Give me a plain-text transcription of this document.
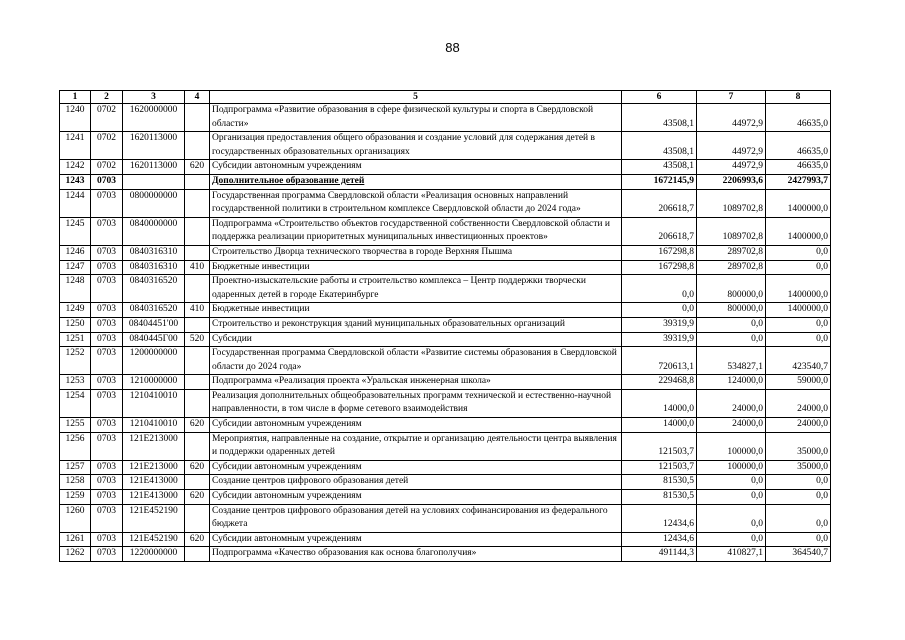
88
1	2	3	4	5	6	7	8
1240	0702	1620000000		Подпрограмма «Развитие образования в сфере физической культуры и спорта в Свердловской области»	43508,1	44972,9	46635,0
1241	0702	1620113000		Организация предоставления общего образования и создание условий для содержания детей в государственных образовательных организациях	43508,1	44972,9	46635,0
1242	0702	1620113000	620	Субсидии автономным учреждениям	43508,1	44972,9	46635,0
1243	0703			Дополнительное образование детей	1672145,9	2206993,6	2427993,7
1244	0703	0800000000		Государственная программа Свердловской области «Реализация основных направлений государственной политики в строительном комплексе Свердловской области до 2024 года»	206618,7	1089702,8	1400000,0
1245	0703	0840000000		Подпрограмма «Строительство объектов государственной собственности Свердловской области и поддержка реализации приоритетных муниципальных инвестиционных проектов»	206618,7	1089702,8	1400000,0
1246	0703	0840316310		Строительство Дворца технического творчества в городе Верхняя Пышма	167298,8	289702,8	0,0
1247	0703	0840316310	410	Бюджетные инвестиции	167298,8	289702,8	0,0
1248	0703	0840316520		Проектно-изыскательские работы и строительство комплекса – Центр поддержки творчески одаренных детей в городе Екатеринбурге	0,0	800000,0	1400000,0
1249	0703	0840316520	410	Бюджетные инвестиции	0,0	800000,0	1400000,0
1250	0703	08404451'00		Строительство и реконструкция зданий муниципальных образовательных организаций	39319,9	0,0	0,0
1251	0703	0840445Г00	520	Субсидии	39319,9	0,0	0,0
1252	0703	1200000000		Государственная программа Свердловской области «Развитие системы образования в Свердловской области до 2024 года»	720613,1	534827,1	423540,7
1253	0703	1210000000		Подпрограмма «Реализация проекта «Уральская инженерная школа»	229468,8	124000,0	59000,0
1254	0703	1210410010		Реализация дополнительных общеобразовательных программ технической и естественно-научной направленности, в том числе в форме сетевого взаимодействия	14000,0	24000,0	24000,0
1255	0703	1210410010	620	Субсидии автономным учреждениям	14000,0	24000,0	24000,0
1256	0703	121E213000		Мероприятия, направленные на создание, открытие и организацию деятельности центра выявления и поддержки одаренных детей	121503,7	100000,0	35000,0
1257	0703	121E213000	620	Субсидии автономным учреждениям	121503,7	100000,0	35000,0
1258	0703	121E413000		Создание центров цифрового образования детей	81530,5	0,0	0,0
1259	0703	121E413000	620	Субсидии автономным учреждениям	81530,5	0,0	0,0
1260	0703	121E452190		Создание центров цифрового образования детей на условиях софинансирования из федерального бюджета	12434,6	0,0	0,0
1261	0703	121E452190	620	Субсидии автономным учреждениям	12434,6	0,0	0,0
1262	0703	1220000000		Подпрограмма «Качество образования как основа благополучия»	491144,3	410827,1	364540,7
